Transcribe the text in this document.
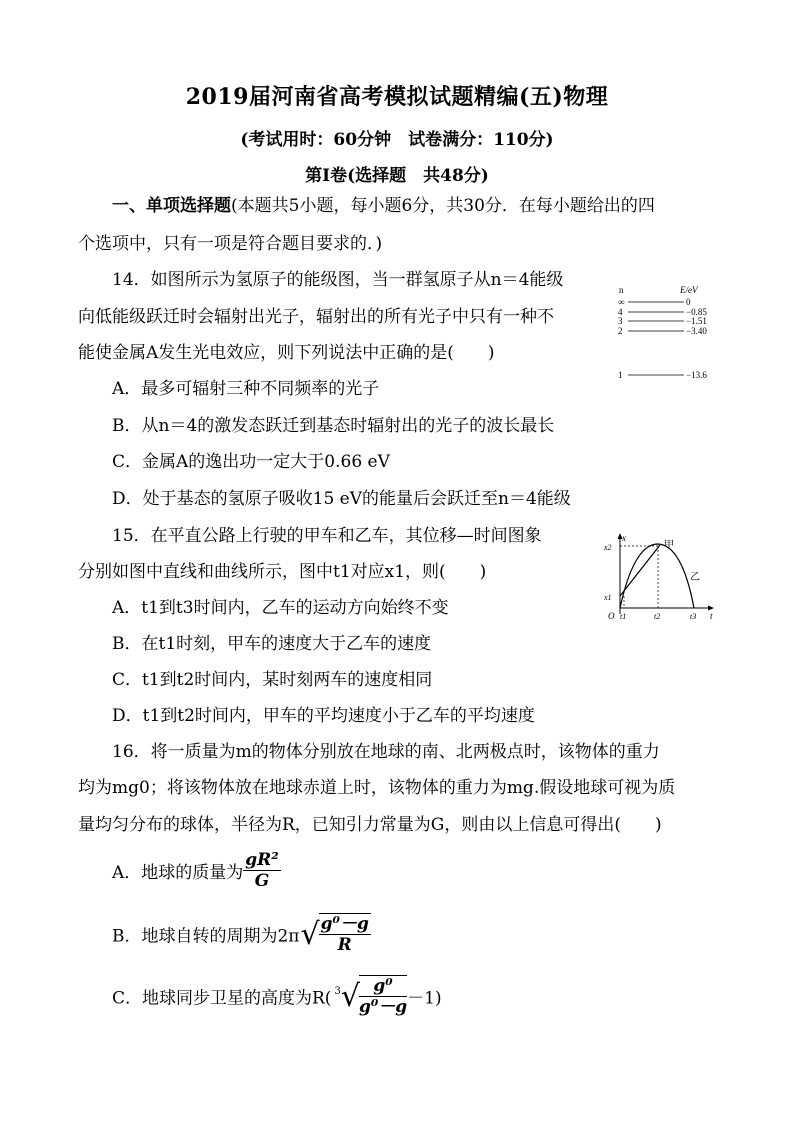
2019届河南省高考模拟试题精编(五)物理
(考试用时：60分钟　试卷满分：110分)
第Ⅰ卷(选择题　共48分)
一、单项选择题(本题共5小题，每小题6分，共30分．在每小题给出的四
个选项中，只有一项是符合题目要求的．)
14．如图所示为氢原子的能级图，当一群氢原子从n＝4能级
向低能级跃迁时会辐射出光子，辐射出的所有光子中只有一种不
能使金属A发生光电效应，则下列说法中正确的是(　　)
A．最多可辐射三种不同频率的光子
B．从n＝4的激发态跃迁到基态时辐射出的光子的波长最长
C．金属A的逸出功一定大于0.66 eV
D．处于基态的氢原子吸收15 eV的能量后会跃迁至n＝4能级
n	E/eV
∞
4
3
2
1
0
−0.85
−1.51
−3.40
−13.6
15．在平直公路上行驶的甲车和乙车，其位移—时间图象
分别如图中直线和曲线所示，图中t1对应x1，则(　　)
A．t1到t3时间内，乙车的运动方向始终不变
B．在t1时刻，甲车的速度大于乙车的速度
C．t1到t2时间内，某时刻两车的速度相同
D．t1到t2时间内，甲车的平均速度小于乙车的平均速度
x
t
O
x2
x1
t1	t2	t3
甲
乙
16．将一质量为m的物体分别放在地球的南、北两极点时，该物体的重力
均为mg0；将该物体放在地球赤道上时，该物体的重力为mg.假设地球可视为质
量均匀分布的球体，半径为R，已知引力常量为G，则由以上信息可得出(　　)
A．地球的质量为 $\frac{\text{gR²}}{G}$
B．地球自转的周期为$2\pi√ \frac{\text{g⁰－g}}{R}$
C．地球同步卫星的高度为R( $^3√ \frac{\text{g⁰}}{\text{g⁰－g}} -1$)
